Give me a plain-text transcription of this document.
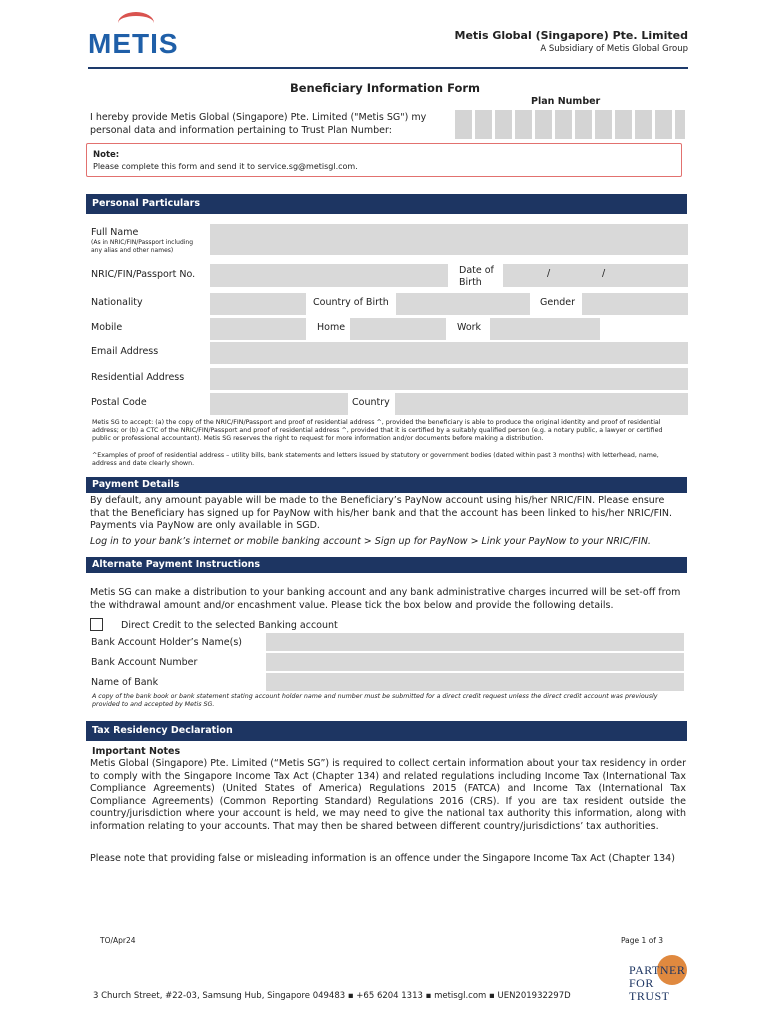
METIS	Metis Global (Singapore) Pte. Limited
A Subsidiary of Metis Global Group
Beneficiary Information Form
Plan Number
I hereby provide Metis Global (Singapore) Pte. Limited ("Metis SG") my personal data and information pertaining to Trust Plan Number:
Note:
Please complete this form and send it to service.sg@metisgl.com.
Personal Particulars
Full Name
(As in NRIC/FIN/Passport including any alias and other names)
NRIC/FIN/Passport No.	Date of Birth
/	/
Nationality	Country of Birth	Gender
Mobile	Home	Work
Email Address
Residential Address
Postal Code	Country
Metis SG to accept: (a) the copy of the NRIC/FIN/Passport and proof of residential address ^, provided the beneficiary is able to produce the original identity and proof of residential address; or (b) a CTC of the NRIC/FIN/Passport and proof of residential address ^, provided that it is certified by a suitably qualified person (e.g. a notary public, a lawyer or certified public or professional accountant). Metis SG reserves the right to request for more information and/or documents before making a distribution.
^Examples of proof of residential address – utility bills, bank statements and letters issued by statutory or government bodies (dated within past 3 months) with letterhead, name, address and date clearly shown.
Payment Details
By default, any amount payable will be made to the Beneficiary’s PayNow account using his/her NRIC/FIN. Please ensure that the Beneficiary has signed up for PayNow with his/her bank and that the account has been linked to his/her NRIC/FIN. Payments via PayNow are only available in SGD.
Log in to your bank’s internet or mobile banking account > Sign up for PayNow > Link your PayNow to your NRIC/FIN.
Alternate Payment Instructions
Metis SG can make a distribution to your banking account and any bank administrative charges incurred will be set-off from the withdrawal amount and/or encashment value. Please tick the box below and provide the following details.
Direct Credit to the selected Banking account
Bank Account Holder’s Name(s)
Bank Account Number
Name of Bank
A copy of the bank book or bank statement stating account holder name and number must be submitted for a direct credit request unless the direct credit account was previously provided to and accepted by Metis SG.
Tax Residency Declaration
Important Notes
Metis Global (Singapore) Pte. Limited (“Metis SG”) is required to collect certain information about your tax residency in order to comply with the Singapore Income Tax Act (Chapter 134) and related regulations including Income Tax (International Tax Compliance Agreements) (United States of America) Regulations 2015 (FATCA) and Income Tax (International Tax Compliance Agreements) (Common Reporting Standard) Regulations 2016 (CRS). If you are tax resident outside the country/jurisdiction where your account is held, we may need to give the national tax authority this information, along with information relating to your accounts. That may then be shared between different country/jurisdictions’ tax authorities.
Please note that providing false or misleading information is an offence under the Singapore Income Tax Act (Chapter 134)
TO/Apr24	Page 1 of 3
PARTNER
FOR
TRUST
3 Church Street, #22-03, Samsung Hub, Singapore 049483 ▪ +65 6204 1313 ▪ metisgl.com ▪ UEN201932297D
